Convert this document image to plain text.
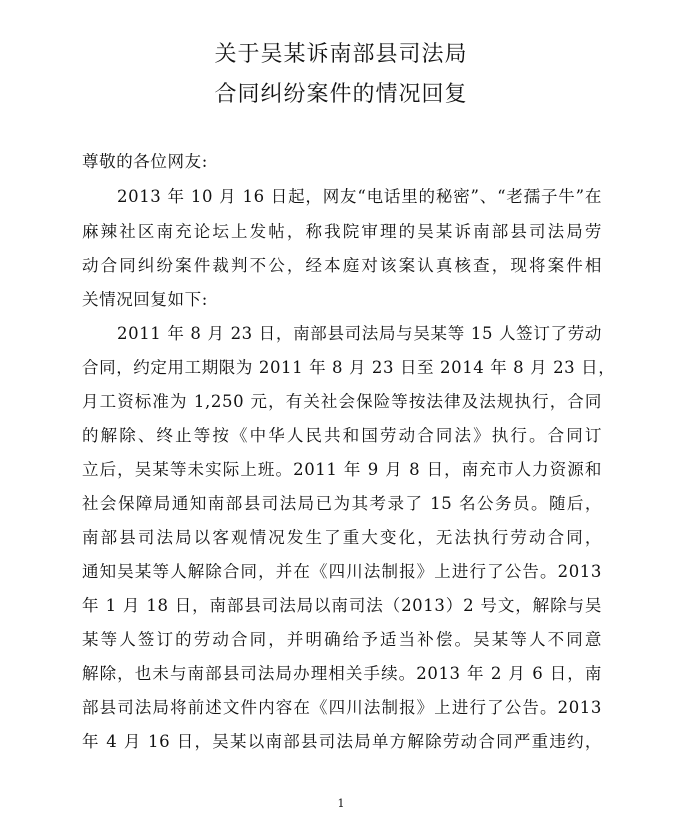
关于吴某诉南部县司法局
合同纠纷案件的情况回复
尊敬的各位网友:
2013 年 10 月 16 日起，网友“电话里的秘密”、“老孺子牛”在
麻辣社区南充论坛上发帖，称我院审理的吴某诉南部县司法局劳
动合同纠纷案件裁判不公，经本庭对该案认真核查，现将案件相
关情况回复如下:
2011 年 8 月 23 日，南部县司法局与吴某等 15 人签订了劳动
合同，约定用工期限为 2011 年 8 月 23 日至 2014 年 8 月 23 日，
月工资标准为 1,250 元，有关社会保险等按法律及法规执行，合同
的解除、终止等按《中华人民共和国劳动合同法》执行。合同订
立后，吴某等未实际上班。2011 年 9 月 8 日，南充市人力资源和
社会保障局通知南部县司法局已为其考录了 15 名公务员。随后，
南部县司法局以客观情况发生了重大变化，无法执行劳动合同，
通知吴某等人解除合同，并在《四川法制报》上进行了公告。2013
年 1 月 18 日，南部县司法局以南司法（2013）2 号文，解除与吴
某等人签订的劳动合同，并明确给予适当补偿。吴某等人不同意
解除，也未与南部县司法局办理相关手续。2013 年 2 月 6 日，南
部县司法局将前述文件内容在《四川法制报》上进行了公告。2013
年 4 月 16 日，吴某以南部县司法局单方解除劳动合同严重违约，
1
